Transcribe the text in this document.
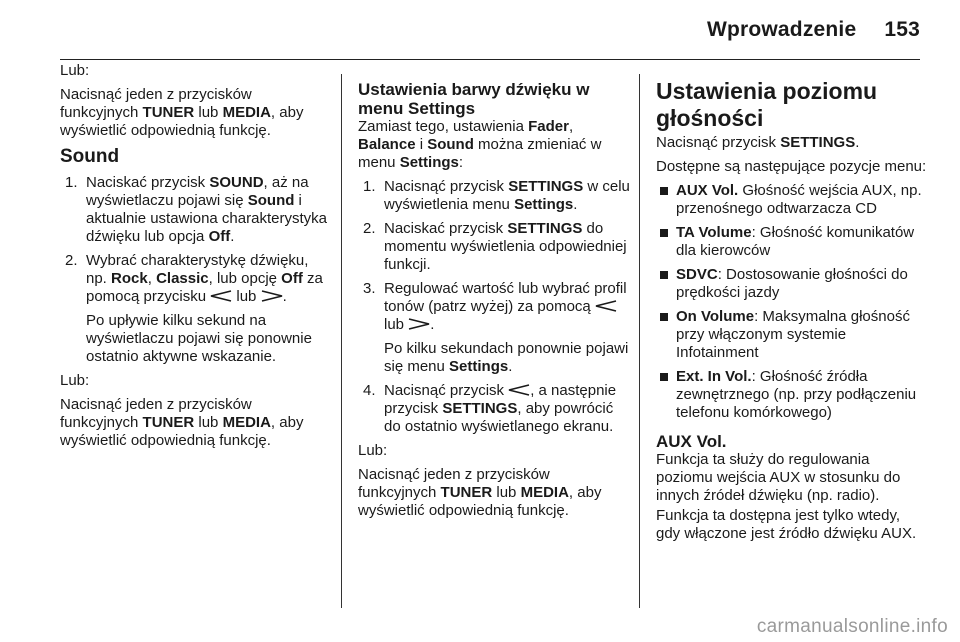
Wprowadzenie 153

Lub:

Nacisnąć jeden z przycisków funkcyjnych TUNER lub MEDIA, aby wyświetlić odpowiednią funkcję.

Sound
1. Naciskać przycisk SOUND, aż na wyświetlaczu pojawi się Sound i aktualnie ustawiona charakterystyka dźwięku lub opcja Off.
2. Wybrać charakterystykę dźwięku, np. Rock, Classic, lub opcję Off za pomocą przycisku  lub .

Po upływie kilku sekund na wyświetlaczu pojawi się ponownie ostatnio aktywne wskazanie.

Lub:

Nacisnąć jeden z przycisków funkcyjnych TUNER lub MEDIA, aby wyświetlić odpowiednią funkcję.

Ustawienia barwy dźwięku w menu Settings

Zamiast tego, ustawienia Fader, Balance i Sound można zmieniać w menu Settings:

1. Nacisnąć przycisk SETTINGS w celu wyświetlenia menu Settings.
2. Naciskać przycisk SETTINGS do momentu wyświetlenia odpowiedniej funkcji.
3. Regulować wartość lub wybrać profil tonów (patrz wyżej) za pomocą  lub .

Po kilku sekundach ponownie pojawi się menu Settings.

4. Nacisnąć przycisk , a następnie przycisk SETTINGS, aby powrócić do ostatnio wyświetlanego ekranu.

Lub:

Nacisnąć jeden z przycisków funkcyjnych TUNER lub MEDIA, aby wyświetlić odpowiednią funkcję.

Ustawienia poziomu głośności

Nacisnąć przycisk SETTINGS.

Dostępne są następujące pozycje menu:

AUX Vol. Głośność wejścia AUX, np. przenośnego odtwarzacza CD
TA Volume: Głośność komunikatów dla kierowców
SDVC: Dostosowanie głośności do prędkości jazdy
On Volume: Maksymalna głośność przy włączonym systemie Infotainment
Ext. In Vol.: Głośność źródła zewnętrznego (np. przy podłączeniu telefonu komórkowego)
AUX Vol.

Funkcja ta służy do regulowania poziomu wejścia AUX w stosunku do innych źródeł dźwięku (np. radio).

Funkcja ta dostępna jest tylko wtedy, gdy włączone jest źródło dźwięku AUX.

carmanualsonline.info
